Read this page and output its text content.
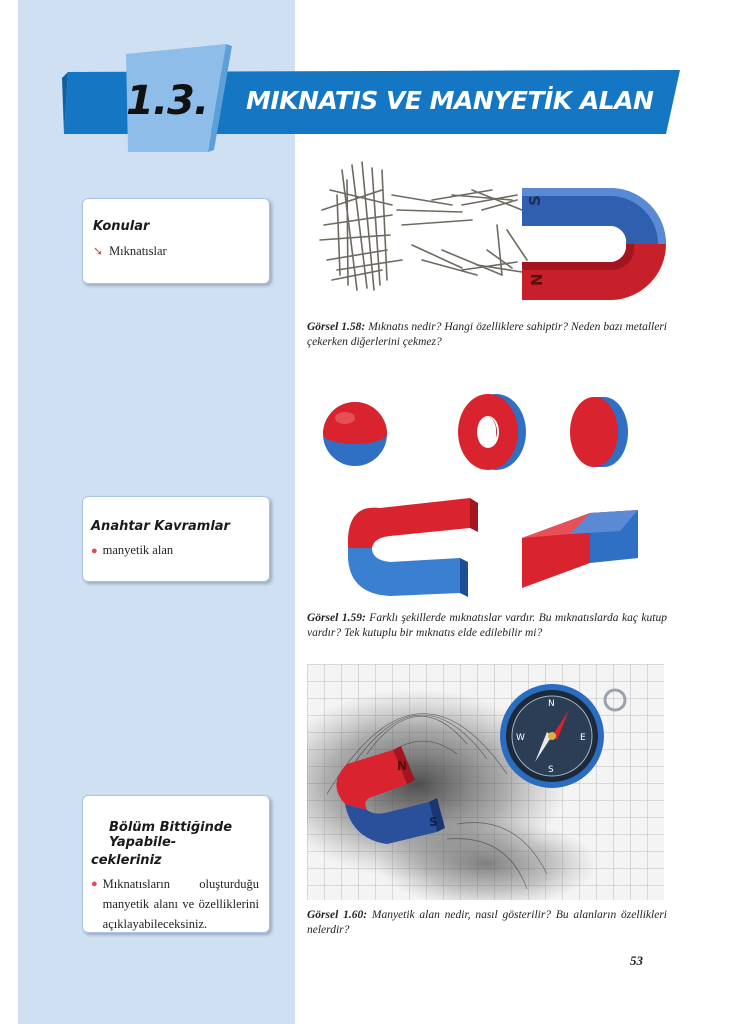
1.3. MIKNATIS VE MANYETİK ALAN

Konular

➘ Mıknatıslar

Anahtar Kavramlar

● manyetik alan

Bölüm Bittiğinde Yapabile-

cekleriniz

● Mıknatısların oluşturduğu manyetik alanı ve özelliklerini açıklayabileceksiniz.
S
N
Görsel 1.58: Mıknatıs nedir? Hangi özelliklere sahiptir? Neden bazı metalleri çekerken diğerlerini çekmez?
Görsel 1.59: Farklı şekillerde mıknatıslar vardır. Bu mıknatıslarda kaç kutup vardır? Tek kutuplu bir mıknatıs elde edilebilir mi?
N
S
N
E
S
W
Görsel 1.60: Manyetik alan nedir, nasıl gösterilir? Bu alanların özellikleri nelerdir?
53
